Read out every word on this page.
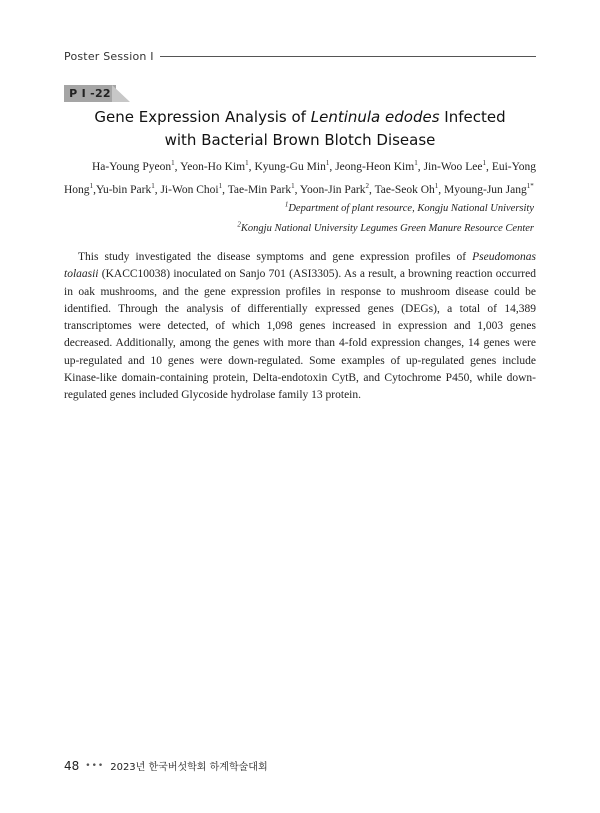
Poster Session Ⅰ
P I -22
Gene Expression Analysis of Lentinula edodes Infected
with Bacterial Brown Blotch Disease
Ha-Young Pyeon$^1$, Yeon-Ho Kim$^1$, Kyung-Gu Min$^1$, Jeong-Heon Kim$^1$, Jin-Woo Lee$^1$, Eui-Yong Hong$^1$,Yu-bin Park$^1$, Ji-Won Choi$^1$, Tae-Min Park$^1$, Yoon-Jin Park$^2$, Tae-Seok Oh$^1$, Myoung-Jun Jang$^{1*}$
$^1$Department of plant resource, Kongju National University
$^2$Kongju National University Legumes Green Manure Resource Center
This study investigated the disease symptoms and gene expression profiles of Pseudomonas tolaasii (KACC10038) inoculated on Sanjo 701 (ASI3305). As a result, a browning reaction occurred in oak mushrooms, and the gene expression profiles in response to mushroom disease could be identified. Through the analysis of differentially expressed genes (DEGs), a total of 14,389 transcriptomes were detected, of which 1,098 genes increased in expression and 1,003 genes decreased. Additionally, among the genes with more than 4-fold expression changes, 14 genes were up-regulated and 10 genes were down-regulated. Some examples of up-regulated genes include Kinase-like domain-containing protein, Delta-endotoxin CytB, and Cytochrome P450, while down-regulated genes included Glycoside hydrolase family 13 protein.
48 ••• 2023년 한국버섯학회 하계학술대회
